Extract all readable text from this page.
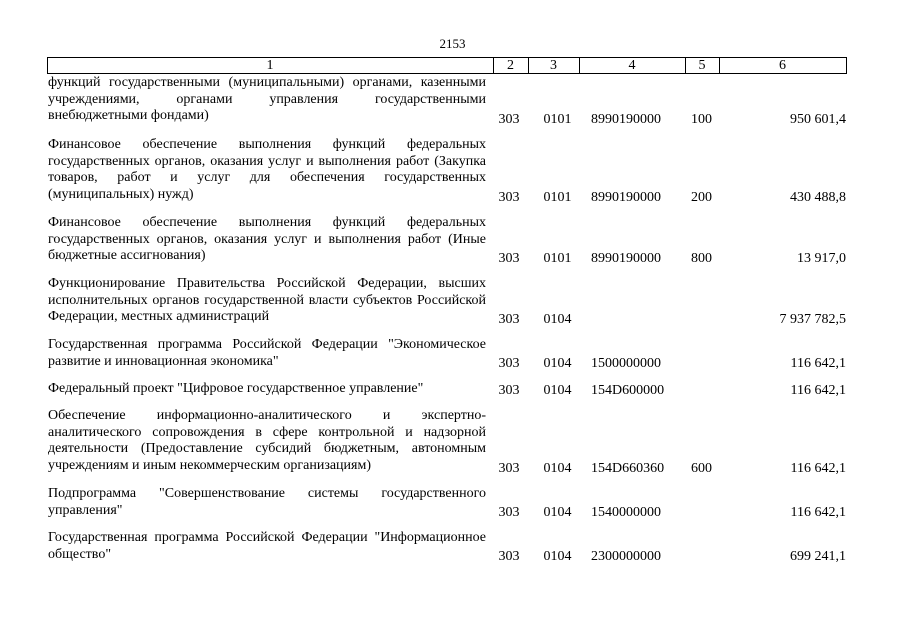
2153
1	2	3	4	5	6
функций государственными (муниципальными) органами, казенными учреждениями, органами управления государственными внебюджетными фондами)	303 0101 8990190000	100	950 601,4
Финансовое обеспечение выполнения функций федеральных государственных органов, оказания услуг и выполнения работ (Закупка товаров, работ и услуг для обеспечения государственных (муниципальных) нужд)	303 0101 8990190000	200	430 488,8
Финансовое обеспечение выполнения функций федеральных государственных органов, оказания услуг и выполнения работ (Иные бюджетные ассигнования)	303 0101 8990190000	800	13 917,0
Функционирование Правительства Российской Федерации, высших исполнительных органов государственной власти субъектов Российской Федерации, местных администраций	303 0104	7 937 782,5
Государственная программа Российской Федерации "Экономическое развитие и инновационная экономика"	303 0104 1500000000	116 642,1
Федеральный проект "Цифровое государственное управление"	303 0104 154D600000	116 642,1
Обеспечение информационно-аналитического и экспертно-аналитического сопровождения в сфере контрольной и надзорной деятельности (Предоставление субсидий бюджетным, автономным учреждениям и иным некоммерческим организациям)	303 0104 154D660360	600	116 642,1
Подпрограмма "Совершенствование системы государственного управления"	303 0104 1540000000	116 642,1
Государственная программа Российской Федерации "Информационное общество"	303 0104 2300000000	699 241,1
